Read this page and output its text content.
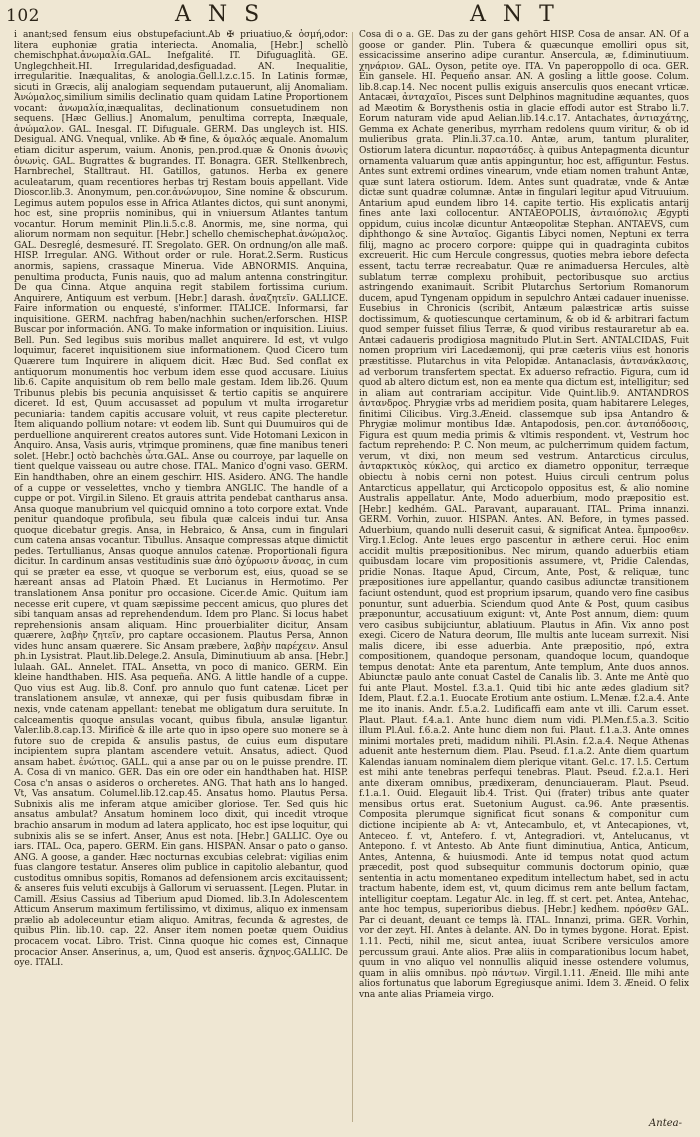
102	A N S	A N T
i anant;sed fensum eius obstupefaciunt.Ab ✠ priuatiuo,& ὀσμή,odor: litera euphoniæ gratia interiecta. Anomalia, [Hebr.] schellò chemischphat.ἀνωμαλία.GAL. Inefgalité. IT. Difuguaglità. GE. Unglegchheit.HI. Irregularidad,desfiguadad. AN. Inequalitie, irregularitie. Inæqualitas, & anologia.Gell.l.z.c.15. In Latinis formæ, sicuti in Græcis, alij analogiam sequendam putauerunt, alij Anomaliam. Ἀνώμαλος,similium similis declinatio quam quidam Latine Proportionem vocant: ἀνωμαλία,inæqualitas, declinationum consuetudinem non sequens. [Hæc Gellius.] Anomalum, penultima correpta, Inæquale, ἀνώμαλον. GAL. Inesgal. IT. Difuguale. GERM. Das ungleych ist. HIS. Desigual. ANG. Vnequal, vnlike. Ab ✠ fine, & ὁμαλός æquale. Anomalum etiam dicitur asperum, vaium. Anonis, pen.prod.quæ & Ononis ἀνωνὶς ὀνωνὶς. GAL. Bugrattes & bugrandes. IT. Bonagra. GER. Stellkenbrech, Harnbrechel, Stalltraut. HI. Gatillos, gatunos. Herba ex genere aculeatarum, quam recentiores herbas trj Restam bouis appellant. Vide Dioscor.lib.3. Anonymum, pen.cor.ἀνώνυμον, Sine nomine & obscurum. Legimus autem populos esse in Africa Atlantes dictos, qui sunt anonymi, hoc est, sine propriis nominibus, qui in vniuersum Atlantes tantum vocantur. Horum meminit Plin.li.5.c.8. Anormis, me, sine norma, qui aliorum normam non sequitur. [Hebr.] schello chemischephat.ἀνώμαλος. GAL. Desreglé, desmesuré. IT. Sregolato. GER. On ordnung/on alle maß. HISP. Irregular. ANG. Without order or rule. Horat.2.Serm. Rusticus anormis, sapiens, crassaque Minerua. Vide ABNORMIS. Anquina, penultima producta, Funis nauis, quo ad malum antenna constringitur. De qua Cinna. Atque anquina regit stabilem fortissima curium. Anquirere, Antiquum est verbum. [Hebr.] darash. ἀναζητεῖν. GALLICE. Faire information ou enquesté, s'informer. ITALICE. Informarsi, far inquisitione. GERM. nachfrag haben/nachhin suchen/erforschen. HISP. Buscar por información. ANG. To make information or inquisition. Liuius. Bell. Pun. Sed legibus suis moribus mallet anquirere. Id est, vt vulgo loquimur, faceret inquisitionem siue informationem. Quod Cicero tum Quærere tum Inquirere in aliquem dicit. Hæc Bud. Sed conflat ex antiquorum monumentis hoc verbum idem esse quod accusare. Liuius lib.6. Capite anquisitum ob rem bello male gestam. Idem lib.26. Quum Tribunus plebis bis pecunia anquisisset & tertio capitis se anquirere diceret. Id est, Quum accusasset ad populum vt multa irrogaretur pecuniaria: tandem capitis accusare voluit, vt reus capite plecteretur. Item aliquando pollium notare: vt eodem lib. Sunt qui Duumuiros qui de perduellione anquirerent creatos autores sunt. Vide Hotomani Lexicon in Anquiro. Ansa, Vasis auris, vtrimque prominens, quæ fine manibus teneri solet. [Hebr.] octò bachchès ὦτα.GAL. Anse ou courroye, par laquelle on tient quelque vaisseau ou autre chose. ITAL. Manico d'ogni vaso. GERM. Ein handthaben, ohre an einem geschirr. HIS. Asidero. ANG. The handle of a cuppe or vesselettes, vncho y tiembra ANGLIC. The handle of a cuppe or pot. Virgil.in Sileno. Et grauis attrita pendebat cantharus ansa. Ansa quoque manubrium vel quicquid omnino a toto corpore extat. Vnde penitur quandoque profibula, seu fibula quæ calceis indui tur. Ansa quoque dicebatur gregis. Ansa, in Hebraico, & Ansa, cum in fingulari cum catena ansas vocantur. Tibullus. Ansaque compressas atque dimictit pedes. Tertullianus, Ansas quoque annulos catenæ. Proportionali figura dicitur. In cardinum ansas vestitudinis suæ ἀπὸ ὀχύρωσιν ἄνσας, in cum qui se præter ea esse, vt quoque se verborum est, eius, quoad se se hæreant ansas ad Platoin Phæd. Et Lucianus in Hermotimo. Per translationem Ansa ponitur pro occasione. Cicer.de Amic. Quitum iam necesse erit cupere, vt quam sæpissime peccent amicus, quo plures det sibi tanquam ansas ad reprehendendum. Idem pro Planc. Si locus habet reprehensionis ansam aliquam. Hinc prouerbialiter dicitur, Ansam quærere, λαβὴν ζητεῖν, pro captare occasionem. Plautus Persa, Annon vides hunc ansam quærere. Sic Ansam præbere, λαβὴν παρέχειν. Ansul ph.in Lysistrat. Plaut.lib.Delege.2. Ansula, Diminutiuum ab ansa. [Hebr.] lulaah. GAL. Annelet. ITAL. Ansetta, vn poco di manico. GERM. Ein kleine handthaben. HIS. Asa pequeña. ANG. A little handle of a cuppe. Quo vius est Aug. lib.8. Conf. pro annulo quo funt catenæ. Licet per translationem ansulæ, vt annexæ, qui per fusis quibusdam fibræ in nexis, vnde catenam appellant: tenebat me obligatum dura seruitute. In calceamentis quoque ansulas vocant, quibus fibula, ansulæ ligantur. Valer.lib.8.cap.13. Mirificè & ille arte quo in ipso opere suo monere se à futore suo de crepida & ansulis pastus, de cuius eum disputare incipientem supra plantam ascendere vetuit. Ansatus, adiect. Quod ansam habet. ἐνώτιος. GALL. qui a anse par ou on le puisse prendre. IT. A. Cosa di vn manico. GER. Das ein ore oder ein handthaben hat. HISP. Cosa c'n ansas o asideros o orcheretes. ANG. That hath ans lo hanged. Vt, Vas ansatum. Columel.lib.12.cap.45. Ansatus homo. Plautus Persa. Subnixis alis me inferam atque amiciber gloriose. Ter. Sed quis hic ansatus ambulat? Ansatum hominem loco dixit, qui incedit vtroque brachio ansarum in modum ad latera applicato, hoc est ipse loquitur, qui subnixis alis se se infert. Anser, Anus est nota. [Hebr.] GALLIC. Oye ou iars. ITAL. Oca, papero. GERM. Ein gans. HISPAN. Ansar o pato o ganso. ANG. A goose, a gander. Hæc nocturnas excubias celebrat: vigilias enim fuas clangore testatur. Anseres olim publice in capitolio alebantur, quod custoditus omnibus sopitis, Romanos ad defensionem arcis excitauissent; & anseres fuis veluti excubijs à Gallorum vi seruassent. [Legen. Plutar. in Camill. Æsius Cassius ad Tiberium apud Diomed. lib.3.In Adolescentem Atticum Anserum maximum fertilissimo, vt diximus, aliquo ex inmensam prælio ab adoleceuntur etiam aliquo. Amitras, fecunda & agrestes, de quibus Plin. lib.10. cap. 22. Anser item nomen poetæ quem Ouidius procacem vocat. Libro. Trist. Cinna quoque hic comes est, Cinnaque procacior Anser. Anserinus, a, um, Quod est anseris. ἄχηνος.GALLIC. De oye. ITALI.
Cosa di o a. GE. Das zu der gans gehört HISP. Cosa de ansar. AN. Of a goose or gander. Plin. Tubera & quæcunque emolliri opus sit, essicacissime anserino adipe curantur. Ansercula, æ, f.diminutiuum. χηνάριον. GAL. Oyson, petite oye. ITA. Vn paperoppollo di oca. GER. Ein gansele. HI. Pequeño ansar. AN. A gosling a little goose. Colum. lib.8.cap.14. Nec nocent pullis exiguis anserculis quos enecant vrticæ. Antacæi, ἀνταχαῖοι, Pisces sunt Delphinos magnitudine æquantes, quos ad Mæotim & Borysthenis ostia in glacie effodi autor est Strabo li.7. Eorum naturam vide apud Aelian.lib.14.c.17. Antachates, ἀντιαχάτης, Gemma ex Achate generibus, myrrham redolens quum viritur, & ob id mulieribus grata. Plin.li.37.ca.10. Antæ, arum, tantum pluraliter, Ostiorum latera dicuntur. παραστάδες. à quibus Antepagmenta dicuntur ornamenta valuarum quæ antis appinguntur, hoc est, affiguntur. Festus. Antes sunt extremi ordines vinearum, vnde etiam nomen trahunt Antæ, quæ sunt latera ostiorum. Idem. Antes sunt quadratæ, vnde & Antæ dictæ sunt quadræ columnæ. Antæ in fingulari legitur apud Vitruuium. Antarium apud eundem libro 14. capite tertio. His explicatis antarij fines ante laxi collocentur. ANTAEOPOLIS, ἀνταιόπολις Ægypti oppidum, cuius incolæ dicuntur Antæopolitæ Stephan. ANTAEVS, cum diphthongo & sine Ἀνταῖος. Gigantis Libyci nomen, Neptuni ex terra filij, magno ac procero corpore: quippe qui in quadraginta cubitos excreuerit. Hic cum Hercule congressus, quoties mebra iebore defecta essent, tactu terræ recreabatur. Quæ re animaduersa Hercules, altè sublatum terræ complexu prohibuit, pectoribusque suo arctius astringendo exanimauit. Scribit Plutarchus Sertorium Romanorum ducem, apud Tyngenam oppidum in sepulchro Antæi cadauer inuenisse. Eusebius in Chronicis (scribit, Antæum palæstricæ artis suisse doctissimum, & quotiescunque certaminum, & ob id & arbitrari factum quod semper fuisset filius Terræ, & quod viribus restauraretur ab ea. Antæi cadaueris prodigiosa magnitudo Plut.in Sert. ANTALCIDAS, Fuit nomen proprium viri Lacedæmonij, qui præ cæteris viius est honoris præstitisse. Plutarchus in vita Pelopidæ. Antanaclasis, ἀντανάκλασις, ad verborum transfertem spectat. Ex aduerso refractio. Figura, cum id quod ab altero dictum est, non ea mente qua dictum est, intelligitur; sed in aliam aut contrariam accipitur. Vide Quint.lib.9. ANTANDROS ἀντανδρος. Phrygiæ vrbs ad meridiem posita, quam habitarere Leleges, finitimi Cilicibus. Virg.3.Æneid. classemque sub ipsa Antandro & Phrygiæ molimur montibus Idæ. Antapodosis, pen.cor. ἀνταπόδοσις, Figura est quum media primis & vltimis respondent. vt, Vestrum hoc factum reprehendo: P. C. Non meum, ac pulcherrimum quidem factum, verum, vt dixi, non meum sed vestrum. Antarcticus circulus, ἀνταρκτικὸς κύκλος, qui arctico ex diametro opponitur, terræque obiectu à nobis cerni non potest. Huius circuli centrum polus Antarcticus appellatur, qui Arcticopolo oppositus est, & alio nomine Australis appellatur. Ante, Modo aduerbium, modo præpositio est. [Hebr.] kedhém. GAL. Paravant, auparauant. ITAL. Prima innanzi. GERM. Vorhin, zuuor. HISPAN. Antes. AN. Before, in tymes passed. Aduerbium, quando nulli deseruit casui, & significat Antea. ἔμπροσθεν. Virg.1.Eclog. Ante leues ergo pascentur in æthere cerui. Hoc enim accidit multis præpositionibus. Nec mirum, quando aduerbiis etiam quibusdam locare vim propositionis assumere, vt, Pridie Calendas, pridie Nonas. Itaque Apud, Circum, Ante, Post, & reliquæ, tunc præpositiones iure appellantur, quando casibus adiunctæ transitionem faciunt ostendunt, quod est proprium ipsarum, quando vero fine casibus ponuntur, sunt aduerbia. Sciendum quod Ante & Post, quum casibus præponuntur, accusatiuum exigunt: vt, Ante Post annum, diem: quum vero casibus subijciuntur, ablatiuum. Plautus in Afin. Vix anno post exegi. Cicero de Natura deorum, Ille multis ante luceam surrexit. Nisi malis dicere, ibi esse aduerbia. Ante præpositio, πρό, extra compositionem, quandoque personam, quandoque locum, quandoque tempus denotat: Ante eta parentum, Ante templum, Ante duos annos. Abiunctæ paulo ante conuat Castel de Canalis lib. 3. Ante me Antè quo fui ante Plaut. Mostel. f.3.a.1. Quid tibi hic ante ædes gladium sit? Idem, Plaut. f.2.a.1. Euocate Erotium ante ostium. L.Menæ. f.2.a.4. Ante me ito inanis. Andr. f.5.a.2. Ludificaffi eam ante vt illi. Carum esset. Plaut. Plaut. f.4.a.1. Ante hunc diem num vidi. Pl.Men.f.5.a.3. Scitio illum Pl.Aul. f.6.a.2. Ante hunc diem non fui. Plaut. f.1.a.3. Ante omnes minimi mortales preti, madidum nihili. Pl.Asin. f.2.a.4. Neque Athenas aduenit ante hesternum diem. Plau. Pseud. f.1.a.2. Ante diem quartum Kalendas ianuam nominalem diem plerique vitant. Gel.c. 17. l.5. Certum est mihi ante tenebras perfequi tenebras. Plaut. Pseud. f.2.a.1. Heri ante dixeram omnibus, prædixeram, denunciaueram. Plaut. Pseud. f.1.a.1. Ouid. Elegauit lib.4. Trist. Qui (frater) tribus ante quater mensibus ortus erat. Suetonium August. ca.96. Ante præsentis. Composita plerumque significat ficut sonans & componitur cum dictione incipiente ab A: vt, Antecambulo, et, vt Antecapiones, vt, Anteceo. f. vt, Antefero. f. vt, Antegradiori. vt, Antelucanus, vt Antepono. f. vt Antesto. Ab Ante fiunt diminutiua, Antica, Anticum, Antes, Antenna, & huiusmodi. Ante id tempus notat quod actum præcedit, post quod subsequitur communis doctorum opinio, quæ sententia in actu momentaneo expeditum intellectum habet, sed in actu tractum habente, idem est, vt, quum dicimus rem ante bellum factam, intelligitur coeptam. Legatur Alc. in leg. ff. st cert. pet. Antea, Antehac, ante hoc tempus, superioribus diebus. [Hebr.] kedhem. πρόσθεν GAL. Par ci deuant, deuant ce temps là. ITAL. Innanzi, prima. GER. Vorhin, vor der zeyt. HI. Antes à delante. AN. Do in tymes bygone. Horat. Epist. 1.11. Pecti, nihil me, sicut antea, iuuat Scribere versiculos amore percussum graui. Ante alios. Præ aliis in comparationibus locum habet, quum in vno aliquo vel nonnullis aliquid inesse ostendere volumus, quam in aliis omnibus. πρὸ πάντων. Virgil.1.11. Æneid. Ille mihi ante alios fortunatus que laborum Egregiusque animi. Idem 3. Æneid. O felix vna ante alias Priameia virgo.
Antea-
